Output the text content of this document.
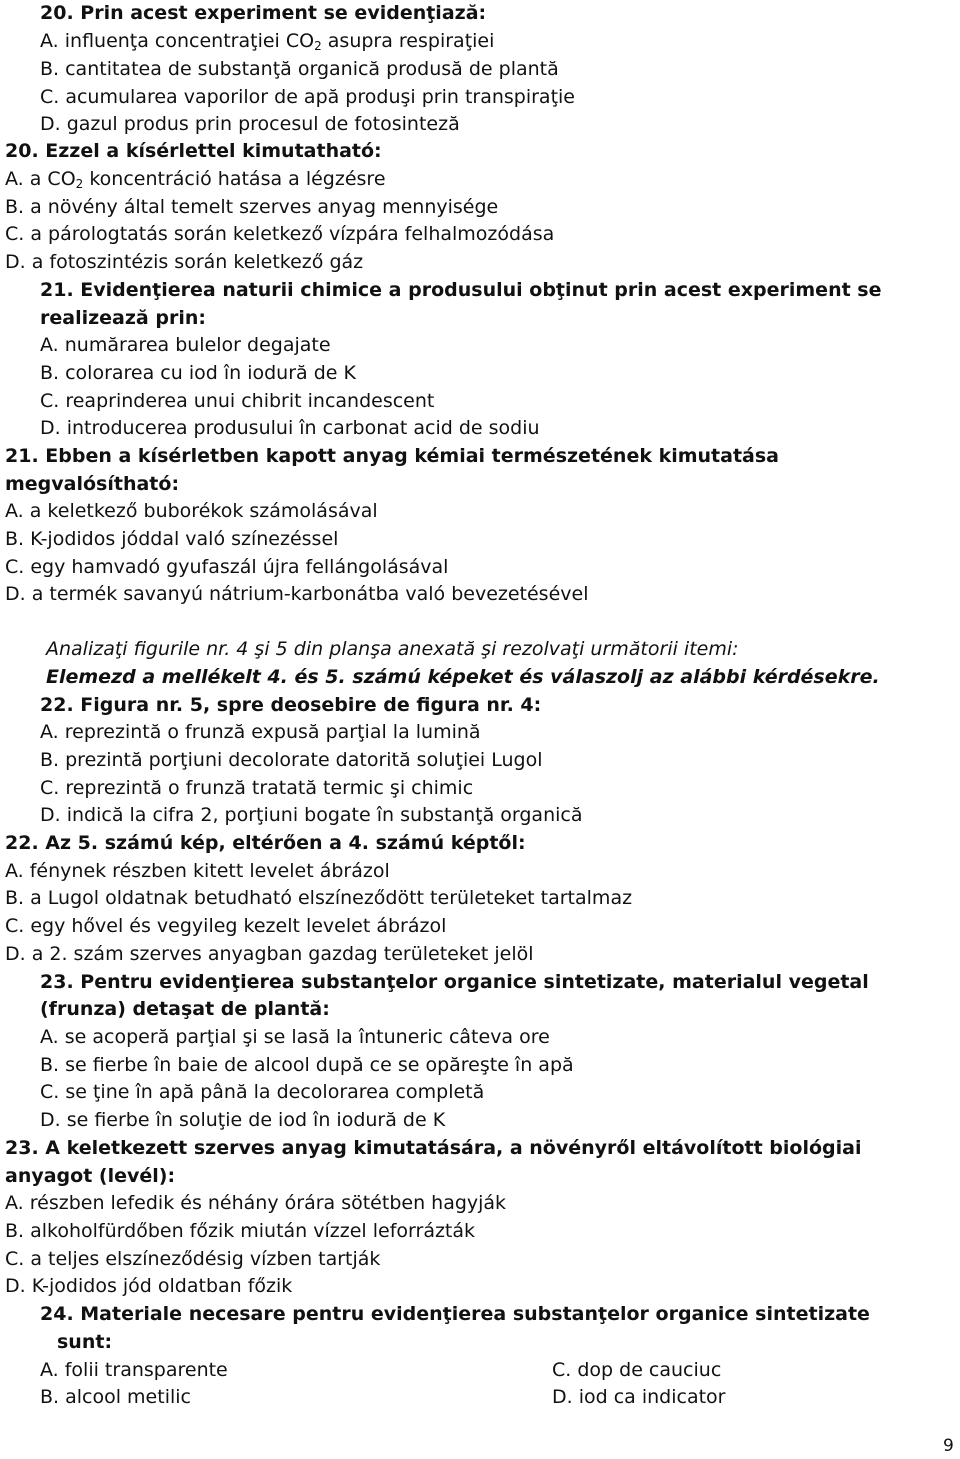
20. Prin acest experiment se evidenţiază:
A. influenţa concentraţiei $CO_2$ asupra respiraţiei
B. cantitatea de substanţă organică produsă de plantă
C. acumularea vaporilor de apă produşi prin transpiraţie
D. gazul produs prin procesul de fotosinteză
20. Ezzel a kísérlettel kimutatható:
A. a $CO_2$ koncentráció hatása a légzésre
B. a növény által temelt szerves anyag mennyisége
C. a párologtatás során keletkező vízpára felhalmozódása
D. a fotoszintézis során keletkező gáz
21. Evidenţierea naturii chimice a produsului obţinut prin acest experiment se
realizează prin:
A. numărarea bulelor degajate
B. colorarea cu iod în iodură de K
C. reaprinderea unui chibrit incandescent
D. introducerea produsului în carbonat acid de sodiu
21. Ebben a kísérletben kapott anyag kémiai természetének kimutatása
megvalósítható:
A. a keletkező buborékok számolásával
B. K-jodidos jóddal való színezéssel
C. egy hamvadó gyufaszál újra fellángolásával
D. a termék savanyú nátrium-karbonátba való bevezetésével
Analizaţi figurile nr. 4 şi 5 din planşa anexată şi rezolvaţi următorii itemi:
Elemezd a mellékelt 4. és 5. számú képeket és válaszolj az alábbi kérdésekre.
22. Figura nr. 5, spre deosebire de figura nr. 4:
A. reprezintă o frunză expusă parţial la lumină
B. prezintă porţiuni decolorate datorită soluţiei Lugol
C. reprezintă o frunză tratată termic şi chimic
D. indică la cifra 2, porţiuni bogate în substanţă organică
22. Az 5. számú kép, eltérően a 4. számú képtől:
A. fénynek részben kitett levelet ábrázol
B. a Lugol oldatnak betudható elszíneződött területeket tartalmaz
C. egy hővel és vegyileg kezelt levelet ábrázol
D. a 2. szám szerves anyagban gazdag területeket jelöl
23. Pentru evidenţierea substanţelor organice sintetizate, materialul vegetal
(frunza) detaşat de plantă:
A. se acoperă parţial şi se lasă la întuneric câteva ore
B. se fierbe în baie de alcool după ce se opăreşte în apă
C. se ţine în apă până la decolorarea completă
D. se fierbe în soluţie de iod în iodură de K
23. A keletkezett szerves anyag kimutatására, a növényről eltávolított biológiai
anyagot (levél):
A. részben lefedik és néhány órára sötétben hagyják
B. alkoholfürdőben főzik miután vízzel leforrázták
C. a teljes elszíneződésig vízben tartják
D. K-jodidos jód oldatban főzik
24. Materiale necesare pentru evidenţierea substanţelor organice sintetizate
sunt:
A. folii transparente	C. dop de cauciuc
B. alcool metilic	D. iod ca indicator
9
